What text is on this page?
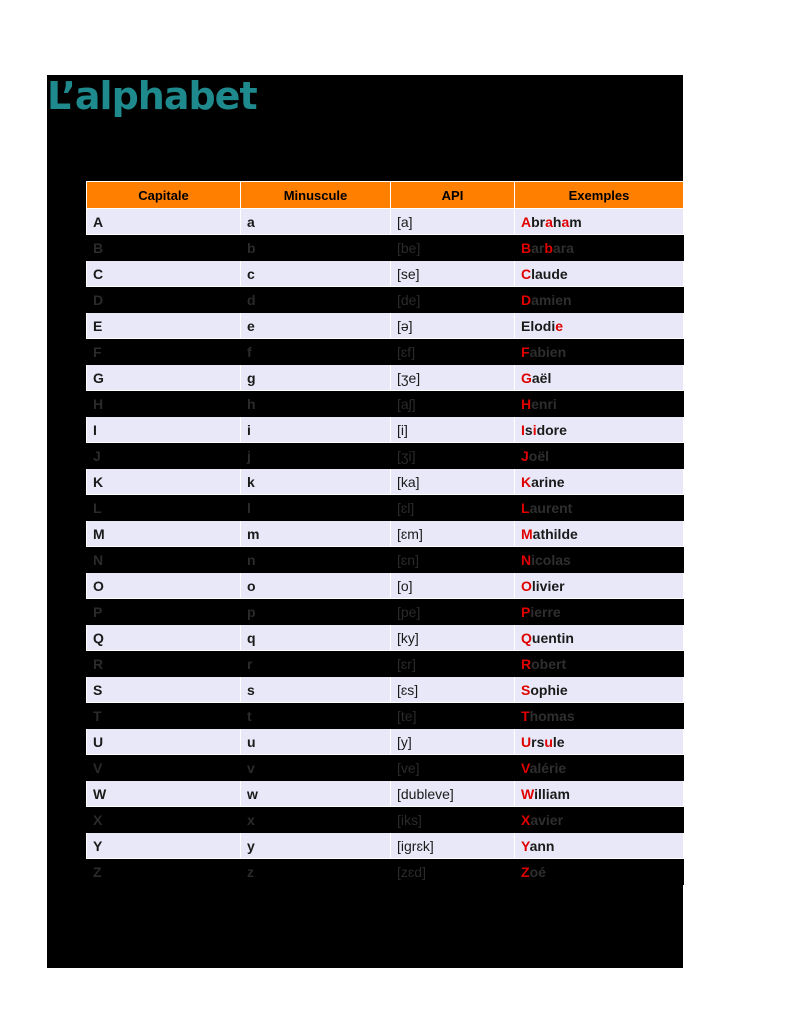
L’alphabet
Capitale	Minuscule	API	Exemples
A	a	[a]	Abraham
B	b	[be]	Barbara
C	c	[se]	Claude
D	d	[de]	Damien
E	e	[ə]	Elodie
F	f	[ɛf]	Fabien
G	g	[ʒe]	Gaël
H	h	[aʃ]	Henri
I	i	[i]	Isidore
J	j	[ʒi]	Joël
K	k	[ka]	Karine
L	l	[ɛl]	Laurent
M	m	[ɛm]	Mathilde
N	n	[ɛn]	Nicolas
O	o	[o]	Olivier
P	p	[pe]	Pierre
Q	q	[ky]	Quentin
R	r	[ɛr]	Robert
S	s	[ɛs]	Sophie
T	t	[te]	Thomas
U	u	[y]	Ursule
V	v	[ve]	Valérie
W	w	[dubleve]	William
X	x	[iks]	Xavier
Y	y	[igrɛk]	Yann
Z	z	[zɛd]	Zoé
